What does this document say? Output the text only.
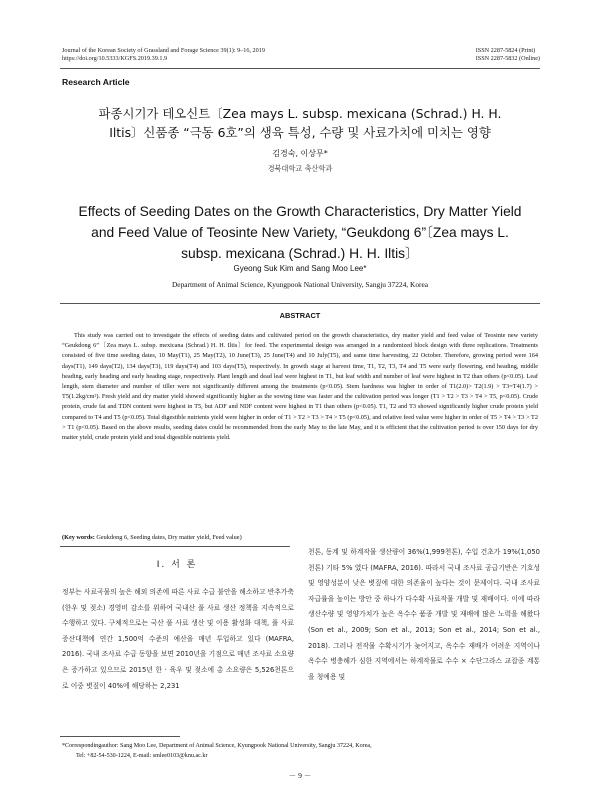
Journal of the Korean Society of Grassland and Forage Science 39(1): 9–16, 2019
https://doi.org/10.5333/KGFS.2019.39.1.9
ISSN 2287-5824 (Print)
ISSN 2287-5832 (Online)
Research Article
파종시기가 테오신트〔Zea mays L. subsp. mexicana (Schrad.) H. H.
Iltis〕신품종 “극동 6호”의 생육 특성, 수량 및 사료가치에 미치는 영향
김경숙, 이상무*
경북대학교 축산학과
Effects of Seeding Dates on the Growth Characteristics, Dry Matter Yield
and Feed Value of Teosinte New Variety, “Geukdong 6”〔Zea mays L.
subsp. mexicana (Schrad.) H. H. Iltis〕
Gyeong Suk Kim and Sang Moo Lee*
Department of Animal Science, Kyungpook National University, Sangju 37224, Korea
ABSTRACT
This study was carried out to investigate the effects of seeding dates and cultivated period on the growth characteristics, dry matter yield and feed value of Teosinte new variety “Geukdong 6”〔Zea mays L. subsp. mexicana (Schrad.) H. H. Iltis〕for feed. The experimental design was arranged in a randomized block design with three replications. Treatments consisted of five time seeding dates, 10 May(T1), 25 May(T2), 10 June(T3), 25 June(T4) and 10 July(T5), and same time harvesting, 22 October. Therefore, growing period were 164 days(T1), 149 days(T2), 134 days(T3), 119 days(T4) and 103 days(T5), respectively. In growth stage at harvest time, T1, T2, T3, T4 and T5 were early flowering, end heading, middle heading, early heading and early heading stage, respectively. Plant length and dead leaf were highest in T1, but leaf width and number of leaf were highest in T2 than others (p<0.05). Leaf length, stem diameter and number of tiller were not significantly different among the treatments (p<0.05). Stem hardness was higher in order of T1(2.0)> T2(1.9) > T3=T4(1.7) > T5(1.2kg/cm²). Fresh yield and dry matter yield showed significantly higher as the sowing time was faster and the cultivation period was longer (T1 > T2 > T3 > T4 > T5, p<0.05). Crude protein, crude fat and TDN content were highest in T5, but ADF and NDF content were highest in T1 than others (p<0.05). T1, T2 and T3 showed significantly higher crude protein yield compared to T4 and T5 (p<0.05). Total digestible nutrients yield were higher in order of T1 > T2 > T3 > T4 > T5 (p<0.05), and relative feed value were higher in order of T5 > T4 > T3 > T2 > T1 (p<0.05). Based on the above results, seeding dates could be recommended from the early May to the late May, and it is efficient that the cultivation period is over 150 days for dry matter yield, crude protein yield and total digestible nutrients yield.
(Key words: Geukdong 6, Seeding dates, Dry matter yield, Feed value)
Ⅰ. 서 론
정부는 사료곡물의 높은 해외 의존에 따른 사료 수급 불안을 해소하고 반추가축(한우 및 젖소) 경영비 감소를 위하여 국내산 풀 사료 생산 정책을 지속적으로 수행하고 있다. 구체적으로는 국산 풀 사료 생산 및 이용 활성화 대책, 풀 사료 증산대책에 연간 1,500억 수준의 예산을 매년 투입하고 있다 (MAFRA, 2016). 국내 조사료 수급 동향을 보면 2010년을 기점으로 매년 조사료 소요량은 증가하고 있으므로 2015년 한 · 육우 및 젖소에 총 소요량은 5,526천톤으로 이중 볏짚이 40%에 해당하는 2,231
천톤, 동계 및 하계작물 생산량이 36%(1,999천톤), 수입 건초가 19%(1,050천톤) 기타 5% 였다 (MAFRA, 2016). 따라서 국내 조사료 공급기반은 기호성 및 영양성분이 낮은 볏짚에 대한 의존율이 높다는 것이 문제이다. 국내 조사료 자급률을 높이는 방안 중 하나가 다수확 사료작물 개발 및 재배이다. 이에 따라 생산수량 및 영양가치가 높은 옥수수 품종 개발 및 재배에 많은 노력을 해왔다(Son et al., 2009; Son et al., 2013; Son et al., 2014; Son et al., 2018). 그러나 전작물 수확시기가 늦어지고, 옥수수 재배가 어려운 지역이나 옥수수 병충해가 심한 지역에서는 하계작물로 수수 × 수단그라스 교잡종 계통을 청예용 및
*Correspondingauthor: Sang Moo Lee, Department of Animal Science, Kyungpook National University, Sangju 37224, Korea,
Tel: +82-54-530-1224, E-mail: smlee0103@knu.ac.kr
－ 9 －
